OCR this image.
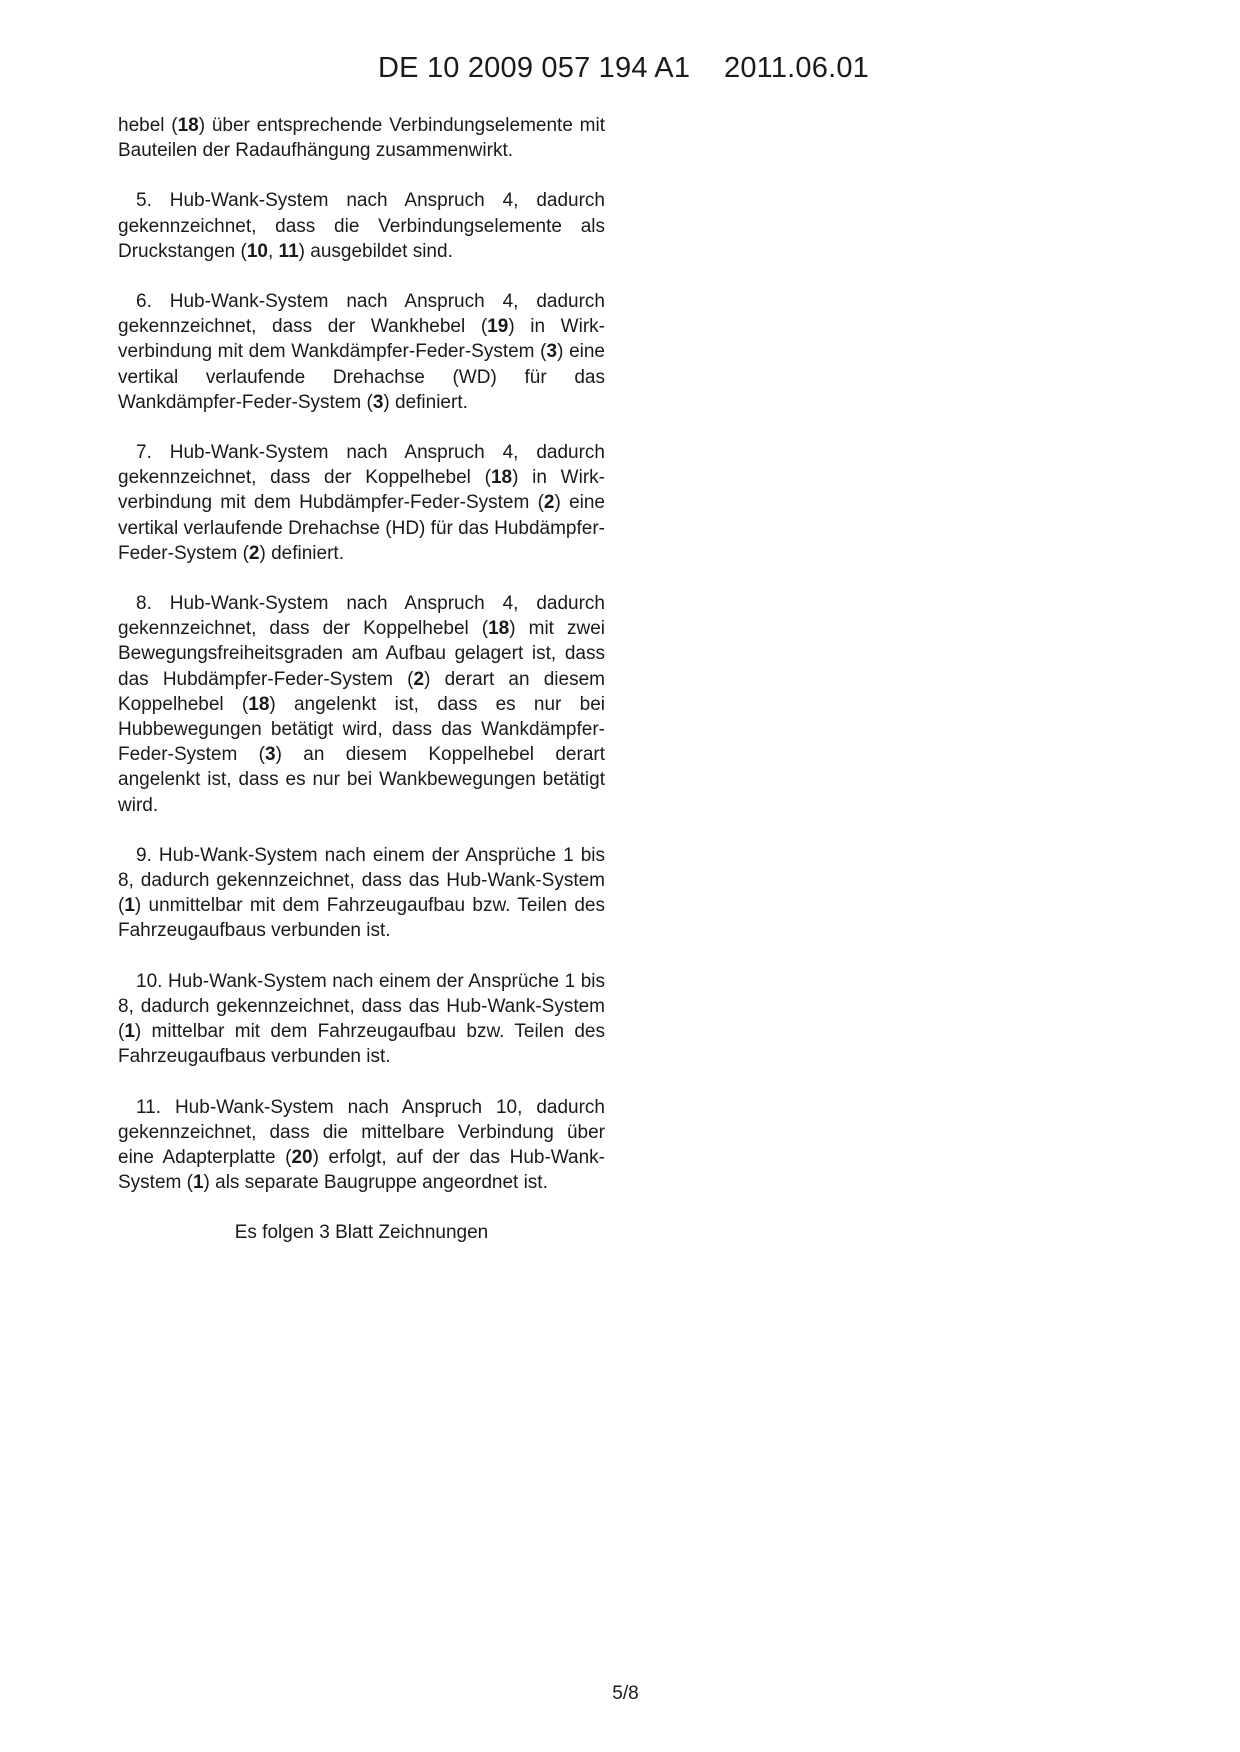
DE 10 2009 057 194 A1 2011.06.01

hebel (18) über entsprechende Verbindungselemente mit Bauteilen der Radaufhängung zusammenwirkt.

5. Hub-Wank-System nach Anspruch 4, dadurch gekennzeichnet, dass die Verbindungselemente als Druckstangen (10, 11) ausgebildet sind.

6. Hub-Wank-System nach Anspruch 4, dadurch gekennzeichnet, dass der Wankhebel (19) in Wirkverbindung mit dem Wankdämpfer-Feder-System (3) eine vertikal verlaufende Drehachse (WD) für das Wankdämpfer-Feder-System (3) definiert.

7. Hub-Wank-System nach Anspruch 4, dadurch gekennzeichnet, dass der Koppelhebel (18) in Wirkverbindung mit dem Hubdämpfer-Feder-System (2) eine vertikal verlaufende Drehachse (HD) für das Hubdämpfer-Feder-System (2) definiert.

8. Hub-Wank-System nach Anspruch 4, dadurch gekennzeichnet, dass der Koppelhebel (18) mit zwei Bewegungsfreiheitsgraden am Aufbau gelagert ist, dass das Hubdämpfer-Feder-System (2) derart an diesem Koppelhebel (18) angelenkt ist, dass es nur bei Hubbewegungen betätigt wird, dass das Wankdämpfer-Feder-System (3) an diesem Koppelhebel derart angelenkt ist, dass es nur bei Wankbewegungen betätigt wird.

9. Hub-Wank-System nach einem der Ansprüche 1 bis 8, dadurch gekennzeichnet, dass das Hub-Wank-System (1) unmittelbar mit dem Fahrzeugaufbau bzw. Teilen des Fahrzeugaufbaus verbunden ist.

10. Hub-Wank-System nach einem der Ansprüche 1 bis 8, dadurch gekennzeichnet, dass das Hub-Wank-System (1) mittelbar mit dem Fahrzeugaufbau bzw. Teilen des Fahrzeugaufbaus verbunden ist.

11. Hub-Wank-System nach Anspruch 10, dadurch gekennzeichnet, dass die mittelbare Verbindung über eine Adapterplatte (20) erfolgt, auf der das Hub-Wank-System (1) als separate Baugruppe angeordnet ist.

Es folgen 3 Blatt Zeichnungen

5/8
